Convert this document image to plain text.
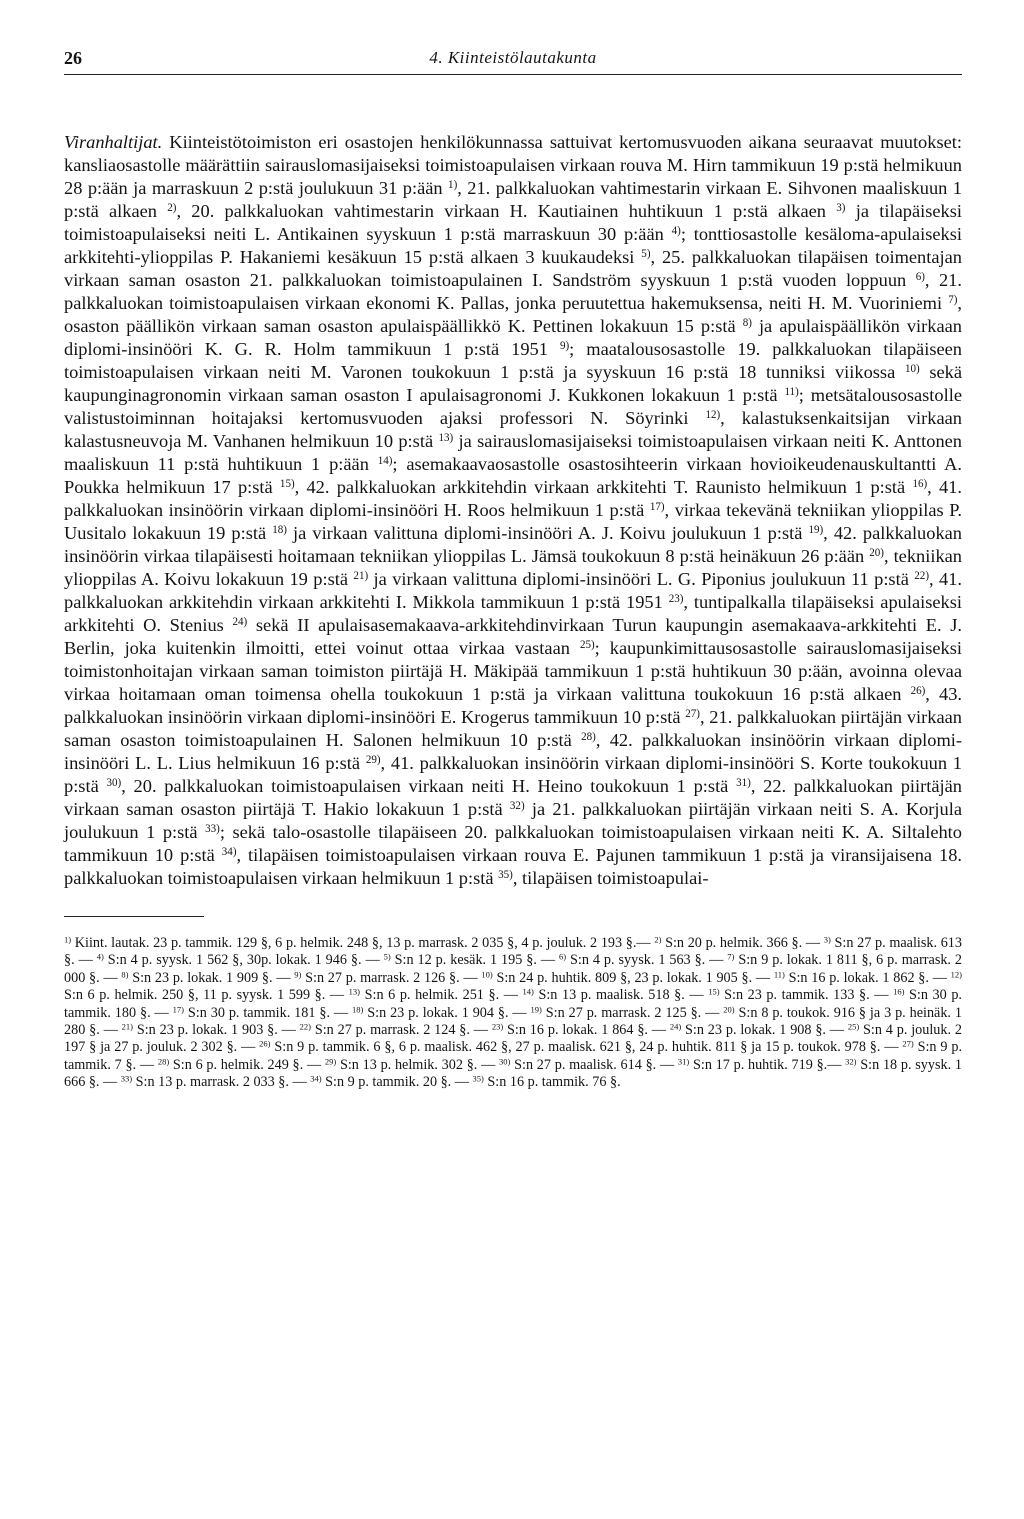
26	4. Kiinteistölautakunta

Viranhaltijat. Kiinteistötoimiston eri osastojen henkilökunnassa sattuivat kertomusvuoden aikana seuraavat muutokset: kansliaosastolle määrättiin sairauslomasijaiseksi toimistoapulaisen virkaan rouva M. Hirn tammikuun 19 p:stä helmikuun 28 p:ään ja marraskuun 2 p:stä joulukuun 31 p:ään $^{1)}$, 21. palkkaluokan vahtimestarin virkaan E. Sihvonen maaliskuun 1 p:stä alkaen $^{2)}$, 20. palkkaluokan vahtimestarin virkaan H. Kautiainen huhtikuun 1 p:stä alkaen $^{3)}$ ja tilapäiseksi toimistoapulaiseksi neiti L. Antikainen syyskuun 1 p:stä marraskuun 30 p:ään $^{4)}$; tonttiosastolle kesäloma-apulaiseksi arkkitehti-ylioppilas P. Hakaniemi kesäkuun 15 p:stä alkaen 3 kuukaudeksi $^{5)}$, 25. palkkaluokan tilapäisen toimentajan virkaan saman osaston 21. palkkaluokan toimistoapulainen I. Sandström syyskuun 1 p:stä vuoden loppuun $^{6)}$, 21. palkkaluokan toimistoapulaisen virkaan ekonomi K. Pallas, jonka peruutettua hakemuksensa, neiti H. M. Vuoriniemi $^{7)}$, osaston päällikön virkaan saman osaston apulaispäällikkö K. Pettinen lokakuun 15 p:stä $^{8)}$ ja apulaispäällikön virkaan diplomi-insinööri K. G. R. Holm tammikuun 1 p:stä 1951 $^{9)}$; maatalousosastolle 19. palkkaluokan tilapäiseen toimistoapulaisen virkaan neiti M. Varonen toukokuun 1 p:stä ja syyskuun 16 p:stä 18 tunniksi viikossa $^{10)}$ sekä kaupunginagronomin virkaan saman osaston I apulaisagronomi J. Kukkonen lokakuun 1 p:stä $^{11)}$; metsätalousosastolle valistustoiminnan hoitajaksi kertomusvuoden ajaksi professori N. Söyrinki $^{12)}$, kalastuksenkaitsijan virkaan kalastusneuvoja M. Vanhanen helmikuun 10 p:stä $^{13)}$ ja sairauslomasijaiseksi toimistoapulaisen virkaan neiti K. Anttonen maaliskuun 11 p:stä huhtikuun 1 p:ään $^{14)}$; asemakaavaosastolle osastosihteerin virkaan hovioikeudenauskultantti A. Poukka helmikuun 17 p:stä $^{15)}$, 42. palkkaluokan arkkitehdin virkaan arkkitehti T. Raunisto helmikuun 1 p:stä $^{16)}$, 41. palkkaluokan insinöörin virkaan diplomi-insinööri H. Roos helmikuun 1 p:stä $^{17)}$, virkaa tekevänä tekniikan ylioppilas P. Uusitalo lokakuun 19 p:stä $^{18)}$ ja virkaan valittuna diplomi-insinööri A. J. Koivu joulukuun 1 p:stä $^{19)}$, 42. palkkaluokan insinöörin virkaa tilapäisesti hoitamaan tekniikan ylioppilas L. Jämsä toukokuun 8 p:stä heinäkuun 26 p:ään $^{20)}$, tekniikan ylioppilas A. Koivu lokakuun 19 p:stä $^{21)}$ ja virkaan valittuna diplomi-insinööri L. G. Piponius joulukuun 11 p:stä $^{22)}$, 41. palkkaluokan arkkitehdin virkaan arkkitehti I. Mikkola tammikuun 1 p:stä 1951 $^{23)}$, tuntipalkalla tilapäiseksi apulaiseksi arkkitehti O. Stenius $^{24)}$ sekä II apulaisasemakaava-arkkitehdinvirkaan Turun kaupungin asemakaava-arkkitehti E. J. Berlin, joka kuitenkin ilmoitti, ettei voinut ottaa virkaa vastaan $^{25)}$; kaupunkimittausosastolle sairauslomasijaiseksi toimistonhoitajan virkaan saman toimiston piirtäjä H. Mäkipää tammikuun 1 p:stä huhtikuun 30 p:ään, avoinna olevaa virkaa hoitamaan oman toimensa ohella toukokuun 1 p:stä ja virkaan valittuna toukokuun 16 p:stä alkaen $^{26)}$, 43. palkkaluokan insinöörin virkaan diplomi-insinööri E. Krogerus tammikuun 10 p:stä $^{27)}$, 21. palkkaluokan piirtäjän virkaan saman osaston toimistoapulainen H. Salonen helmikuun 10 p:stä $^{28)}$, 42. palkkaluokan insinöörin virkaan diplomi-insinööri L. L. Lius helmikuun 16 p:stä $^{29)}$, 41. palkkaluokan insinöörin virkaan diplomi-insinööri S. Korte toukokuun 1 p:stä $^{30)}$, 20. palkkaluokan toimistoapulaisen virkaan neiti H. Heino toukokuun 1 p:stä $^{31)}$, 22. palkkaluokan piirtäjän virkaan saman osaston piirtäjä T. Hakio lokakuun 1 p:stä $^{32)}$ ja 21. palkkaluokan piirtäjän virkaan neiti S. A. Korjula joulukuun 1 p:stä $^{33)}$; sekä talo-osastolle tilapäiseen 20. palkkaluokan toimistoapulaisen virkaan neiti K. A. Siltalehto tammikuun 10 p:stä $^{34)}$, tilapäisen toimistoapulaisen virkaan rouva E. Pajunen tammikuun 1 p:stä ja viransijaisena 18. palkkaluokan toimistoapulaisen virkaan helmikuun 1 p:stä $^{35)}$, tilapäisen toimistoapulai-

$^{1)}$ Kiint. lautak. 23 p. tammik. 129 §, 6 p. helmik. 248 §, 13 p. marrask. 2 035 §, 4 p. jouluk. 2 193 §.— $^{2)}$ S:n 20 p. helmik. 366 §. — $^{3)}$ S:n 27 p. maalisk. 613 §. — $^{4)}$ S:n 4 p. syysk. 1 562 §, 30p. lokak. 1 946 §. — $^{5)}$ S:n 12 p. kesäk. 1 195 §. — $^{6)}$ S:n 4 p. syysk. 1 563 §. — $^{7)}$ S:n 9 p. lokak. 1 811 §, 6 p. marrask. 2 000 §. — $^{8)}$ S:n 23 p. lokak. 1 909 §. — $^{9)}$ S:n 27 p. marrask. 2 126 §. — $^{10)}$ S:n 24 p. huhtik. 809 §, 23 p. lokak. 1 905 §. — $^{11)}$ S:n 16 p. lokak. 1 862 §. — $^{12)}$ S:n 6 p. helmik. 250 §, 11 p. syysk. 1 599 §. — $^{13)}$ S:n 6 p. helmik. 251 §. — $^{14)}$ S:n 13 p. maalisk. 518 §. — $^{15)}$ S:n 23 p. tammik. 133 §. — $^{16)}$ S:n 30 p. tammik. 180 §. — $^{17)}$ S:n 30 p. tammik. 181 §. — $^{18)}$ S:n 23 p. lokak. 1 904 §. — $^{19)}$ S:n 27 p. marrask. 2 125 §. — $^{20)}$ S:n 8 p. toukok. 916 § ja 3 p. heinäk. 1 280 §. — $^{21)}$ S:n 23 p. lokak. 1 903 §. — $^{22)}$ S:n 27 p. marrask. 2 124 §. — $^{23)}$ S:n 16 p. lokak. 1 864 §. — $^{24)}$ S:n 23 p. lokak. 1 908 §. — $^{25)}$ S:n 4 p. jouluk. 2 197 § ja 27 p. jouluk. 2 302 §. — $^{26)}$ S:n 9 p. tammik. 6 §, 6 p. maalisk. 462 §, 27 p. maalisk. 621 §, 24 p. huhtik. 811 § ja 15 p. toukok. 978 §. — $^{27)}$ S:n 9 p. tammik. 7 §. — $^{28)}$ S:n 6 p. helmik. 249 §. — $^{29)}$ S:n 13 p. helmik. 302 §. — $^{30)}$ S:n 27 p. maalisk. 614 §. — $^{31)}$ S:n 17 p. huhtik. 719 §.— $^{32)}$ S:n 18 p. syysk. 1 666 §. — $^{33)}$ S:n 13 p. marrask. 2 033 §. — $^{34)}$ S:n 9 p. tammik. 20 §. — $^{35)}$ S:n 16 p. tammik. 76 §.
